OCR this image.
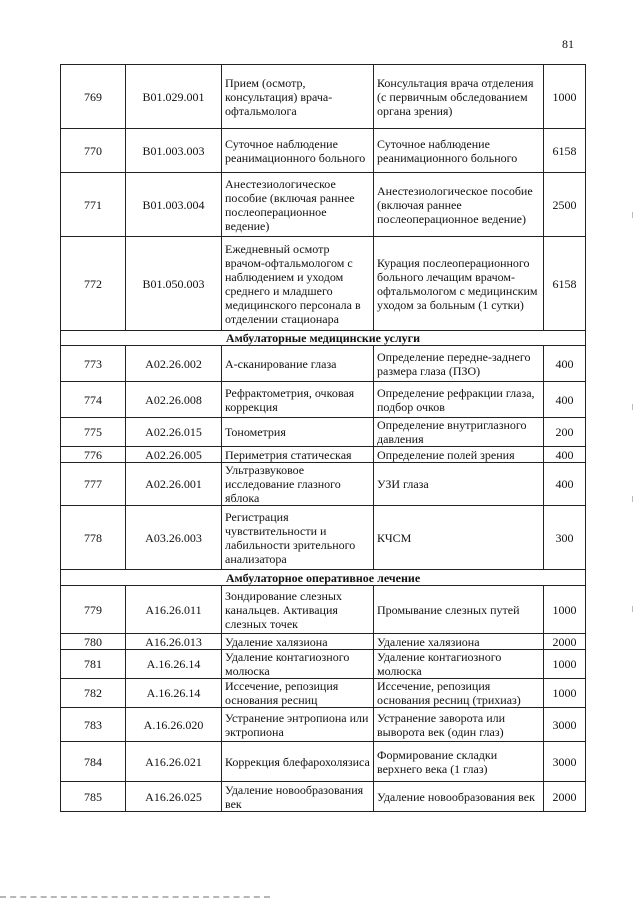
81
769	B01.029.001	Прием (осмотр, консультация) врача-офтальмолога	Консультация врача отделения (с первичным обследованием органа зрения)	1000
770	B01.003.003	Суточное наблюдение реанимационного больного	Суточное наблюдение реанимационного больного	6158
771	B01.003.004	Анестезиологическое пособие (включая раннее послеоперационное ведение)	Анестезиологическое пособие (включая раннее послеоперационное ведение)	2500
772	B01.050.003	Ежедневный осмотр врачом-офтальмологом с наблюдением и уходом среднего и младшего медицинского персонала в отделении стационара	Курация послеоперационного больного лечащим врачом-офтальмологом с медицинским уходом за больным (1 сутки)	6158
Амбулаторные медицинские услуги				
773	A02.26.002	А-сканирование глаза	Определение передне-заднего размера глаза (ПЗО)	400
774	A02.26.008	Рефрактометрия, очковая коррекция	Определение рефракции глаза, подбор очков	400
775	A02.26.015	Тонометрия	Определение внутриглазного давления	200
776	A02.26.005	Периметрия статическая	Определение полей зрения	400
777	A02.26.001	Ультразвуковое исследование глазного яблока	УЗИ глаза	400
778	A03.26.003	Регистрация чувствительности и лабильности зрительного анализатора	КЧСМ	300
Амбулаторное оперативное лечение				
779	A16.26.011	Зондирование слезных канальцев. Активация слезных точек	Промывание слезных путей	1000
780	A16.26.013	Удаление халязиона	Удаление халязиона	2000
781	A.16.26.14	Удаление контагиозного молюска	Удаление контагиозного молюска	1000
782	A.16.26.14	Иссечение, репозиция основания ресниц	Иссечение, репозиция основания ресниц (трихиаз)	1000
783	A.16.26.020	Устранение энтропиона или эктропиона	Устранение заворота или выворота век (один глаз)	3000
784	A16.26.021	Коррекция блефарохолязиса	Формирование складки верхнего века (1 глаз)	3000
785	A16.26.025	Удаление новообразования век	Удаление новообразования век	2000
